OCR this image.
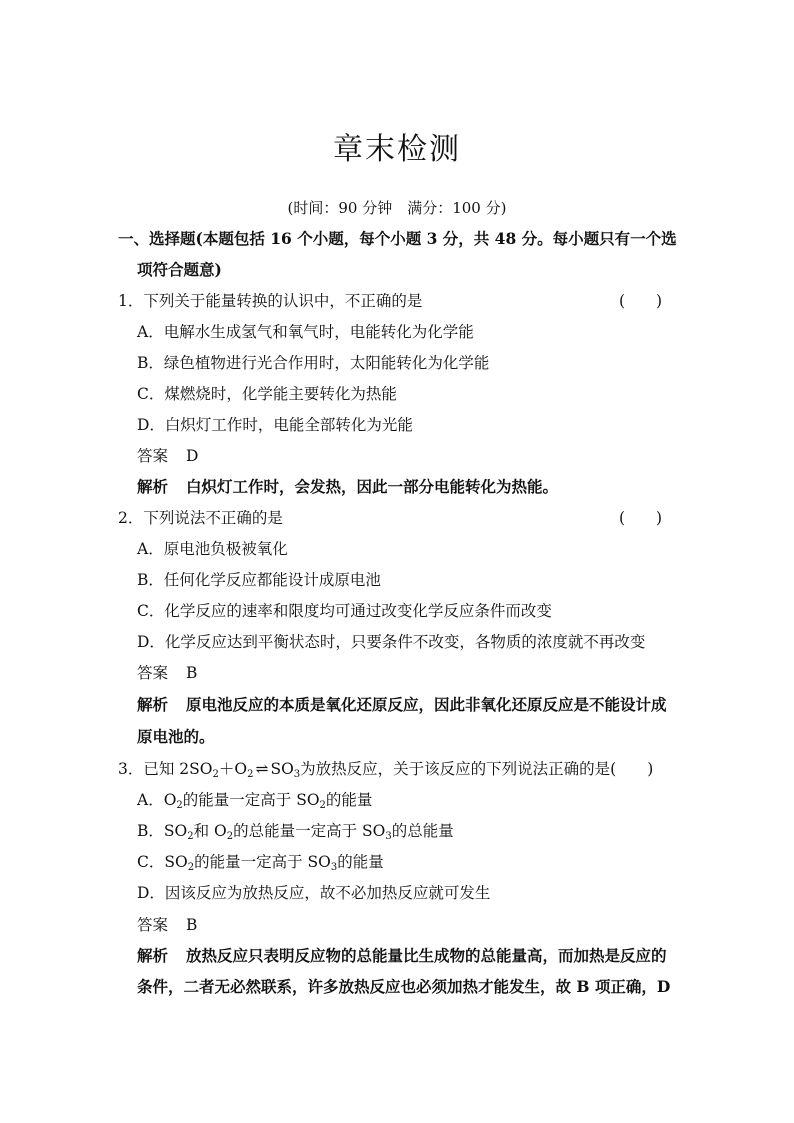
章末检测
(时间：90 分钟　满分：100 分)
一、选择题(本题包括 16 个小题，每个小题 3 分，共 48 分。每小题只有一个选
项符合题意)
1．下列关于能量转换的认识中，不正确的是	(　　)
A．电解水生成氢气和氧气时，电能转化为化学能
B．绿色植物进行光合作用时，太阳能转化为化学能
C．煤燃烧时，化学能主要转化为热能
D．白炽灯工作时，电能全部转化为光能
答案 D
解析 白炽灯工作时，会发热，因此一部分电能转化为热能。
2．下列说法不正确的是	(　　)
A．原电池负极被氧化
B．任何化学反应都能设计成原电池
C．化学反应的速率和限度均可通过改变化学反应条件而改变
D．化学反应达到平衡状态时，只要条件不改变，各物质的浓度就不再改变
答案 B
解析 原电池反应的本质是氧化还原反应，因此非氧化还原反应是不能设计成
原电池的。
3．已知 $2SO_2+O_2$ ⇌ $SO_3$为放热反应，关于该反应的下列说法正确的是(　　)
A．$O_2$的能量一定高于 $SO_2$的能量
B．$SO_2$和 $O_2$的总能量一定高于 $SO_3$的总能量
C．$SO_2$的能量一定高于 $SO_3$的能量
D．因该反应为放热反应，故不必加热反应就可发生
答案 B
解析 放热反应只表明反应物的总能量比生成物的总能量高，而加热是反应的
条件，二者无必然联系，许多放热反应也必须加热才能发生，故 B 项正确，D
